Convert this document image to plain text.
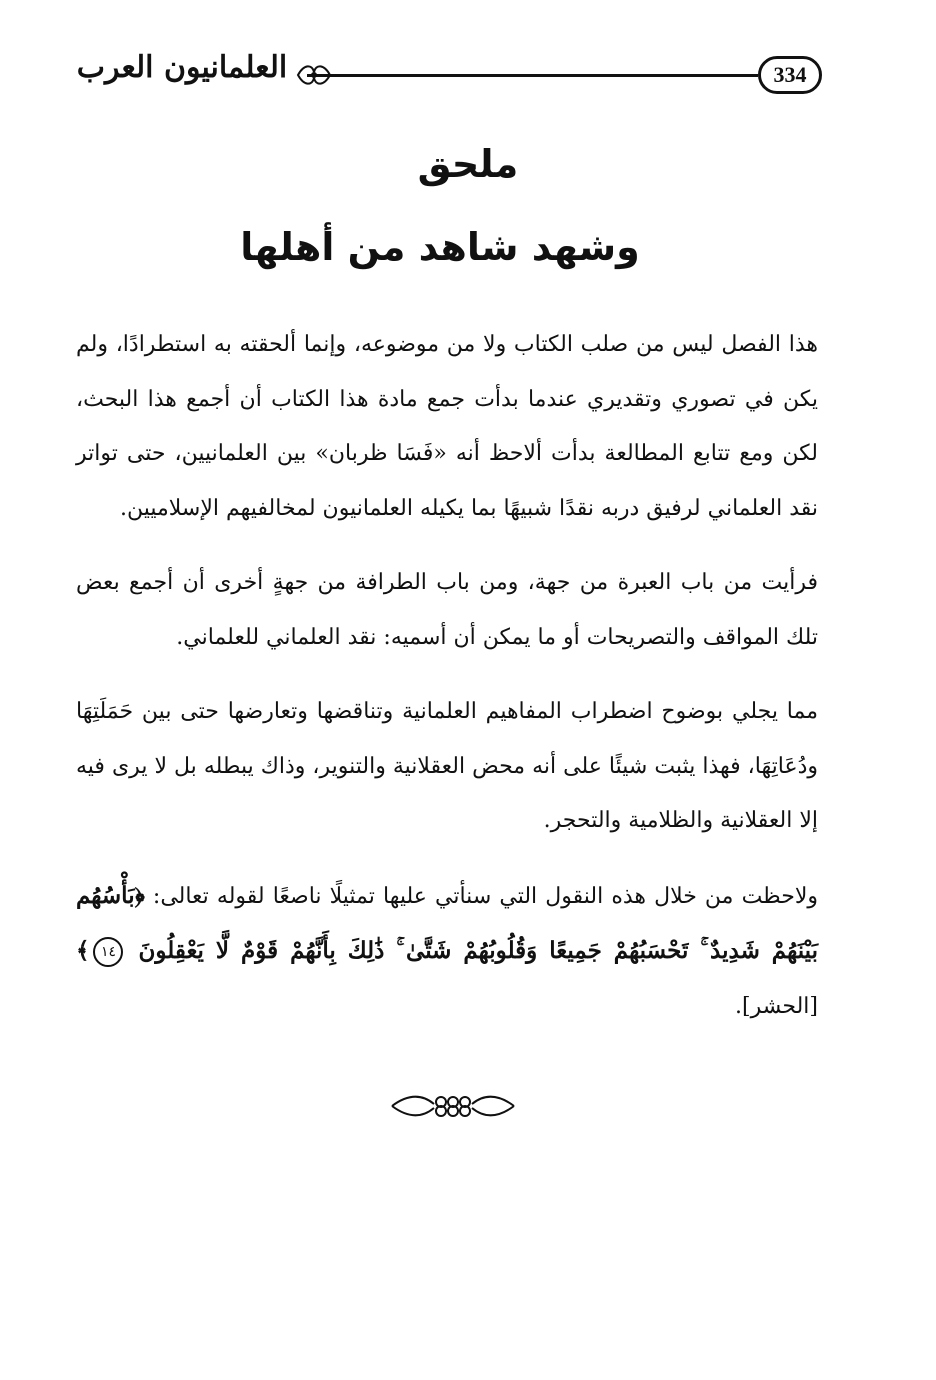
334
العلمانيون العرب
ملحق
وشهد شاهد من أهلها

هذا الفصل ليس من صلب الكتاب ولا من موضوعه، وإنما ألحقته به استطرادًا، ولم يكن في تصوري وتقديري عندما بدأت جمع مادة هذا الكتاب أن أجمع هذا البحث، لكن ومع تتابع المطالعة بدأت ألاحظ أنه «فَسَا ظربان» بين العلمانيين، حتى تواتر نقد العلماني لرفيق دربه نقدًا شبيهًا بما يكيله العلمانيون لمخالفيهم الإسلاميين.

فرأيت من باب العبرة من جهة، ومن باب الطرافة من جهةٍ أخرى أن أجمع بعض تلك المواقف والتصريحات أو ما يمكن أن أسميه: نقد العلماني للعلماني.

مما يجلي بوضوح اضطراب المفاهيم العلمانية وتناقضها وتعارضها حتى بين حَمَلَتِهَا ودُعَاتِهَا، فهذا يثبت شيئًا على أنه محض العقلانية والتنوير، وذاك يبطله بل لا يرى فيه إلا العقلانية والظلامية والتحجر.

ولاحظت من خلال هذه النقول التي سنأتي عليها تمثيلًا ناصعًا لقوله تعالى: ﴿بَأْسُهُم بَيْنَهُمْ شَدِيدٌ ۚ تَحْسَبُهُمْ جَمِيعًا وَقُلُوبُهُمْ شَتَّىٰ ۚ ذَٰلِكَ بِأَنَّهُمْ قَوْمٌ لَّا يَعْقِلُونَ ١٤﴾ [الحشر].
